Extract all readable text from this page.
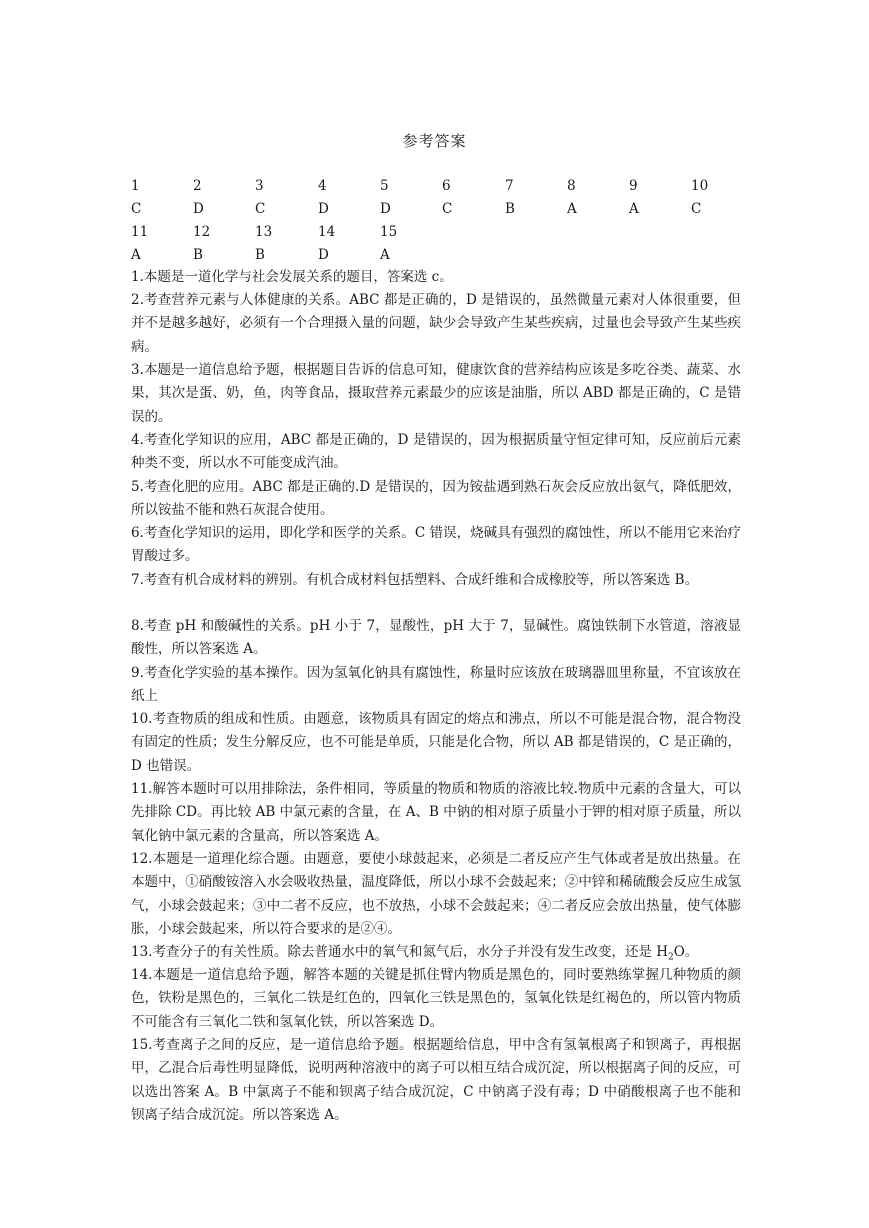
参考答案
1	2	3	4	5	6	7	8	9	10
C	D	C	D	D	C	B	A	A	C
11	12	13	14	15
A	B	B	D	A

1.本题是一道化学与社会发展关系的题目，答案选 c。

2.考查营养元素与人体健康的关系。ABC 都是正确的，D 是错误的，虽然微量元素对人体很重要，但并不是越多越好，必须有一个合理摄入量的问题，缺少会导致产生某些疾病，过量也会导致产生某些疾病。

3.本题是一道信息给予题，根据题目告诉的信息可知，健康饮食的营养结构应该是多吃谷类、蔬菜、水果，其次是蛋、奶，鱼，肉等食品，摄取营养元素最少的应该是油脂，所以 ABD 都是正确的，C 是错误的。

4.考查化学知识的应用，ABC 都是正确的，D 是错误的，因为根据质量守恒定律可知，反应前后元素种类不变，所以水不可能变成汽油。

5.考查化肥的应用。ABC 都是正确的.D 是错误的，因为铵盐遇到熟石灰会反应放出氨气，降低肥效，所以铵盐不能和熟石灰混合使用。

6.考查化学知识的运用，即化学和医学的关系。C 错误，烧碱具有强烈的腐蚀性，所以不能用它来治疗胃酸过多。

7.考查有机合成材料的辨别。有机合成材料包括塑料、合成纤维和合成橡胶等，所以答案选 B。

8.考查 pH 和酸碱性的关系。pH 小于 7，显酸性，pH 大于 7，显碱性。腐蚀铁制下水管道，溶液显酸性，所以答案选 A。

9.考查化学实验的基本操作。因为氢氧化钠具有腐蚀性，称量时应该放在玻璃器皿里称量，不宜该放在纸上

10.考查物质的组成和性质。由题意，该物质具有固定的熔点和沸点，所以不可能是混合物，混合物没有固定的性质；发生分解反应，也不可能是单质，只能是化合物，所以 AB 都是错误的，C 是正确的，D 也错误。

11.解答本题时可以用排除法，条件相同，等质量的物质和物质的溶液比较.物质中元素的含量大，可以先排除 CD。再比较 AB 中氯元素的含量，在 A、B 中钠的相对原子质量小于钾的相对原子质量，所以氧化钠中氯元素的含量高，所以答案选 A。

12.本题是一道理化综合题。由题意，要使小球鼓起来，必须是二者反应产生气体或者是放出热量。在本题中，①硝酸铵溶入水会吸收热量，温度降低，所以小球不会鼓起来；②中锌和稀硫酸会反应生成氢气，小球会鼓起来；③中二者不反应，也不放热，小球不会鼓起来；④二者反应会放出热量，使气体膨胀，小球会鼓起来，所以符合要求的是②④。

13.考查分子的有关性质。除去普通水中的氧气和氮气后，水分子并没有发生改变，还是 $H_2O$。

14.本题是一道信息给予题，解答本题的关键是抓住臂内物质是黑色的，同时要熟练掌握几种物质的颜色，铁粉是黑色的，三氧化二铁是红色的，四氧化三铁是黑色的，氢氧化铁是红褐色的，所以管内物质不可能含有三氧化二铁和氢氧化铁，所以答案选 D。

15.考查离子之间的反应，是一道信息给予题。根据题给信息，甲中含有氢氧根离子和钡离子，再根据甲，乙混合后毒性明显降低，说明两种溶液中的离子可以相互结合成沉淀，所以根据离子间的反应，可以选出答案 A。B 中氯离子不能和钡离子结合成沉淀，C 中钠离子没有毒；D 中硝酸根离子也不能和钡离子结合成沉淀。所以答案选 A。
